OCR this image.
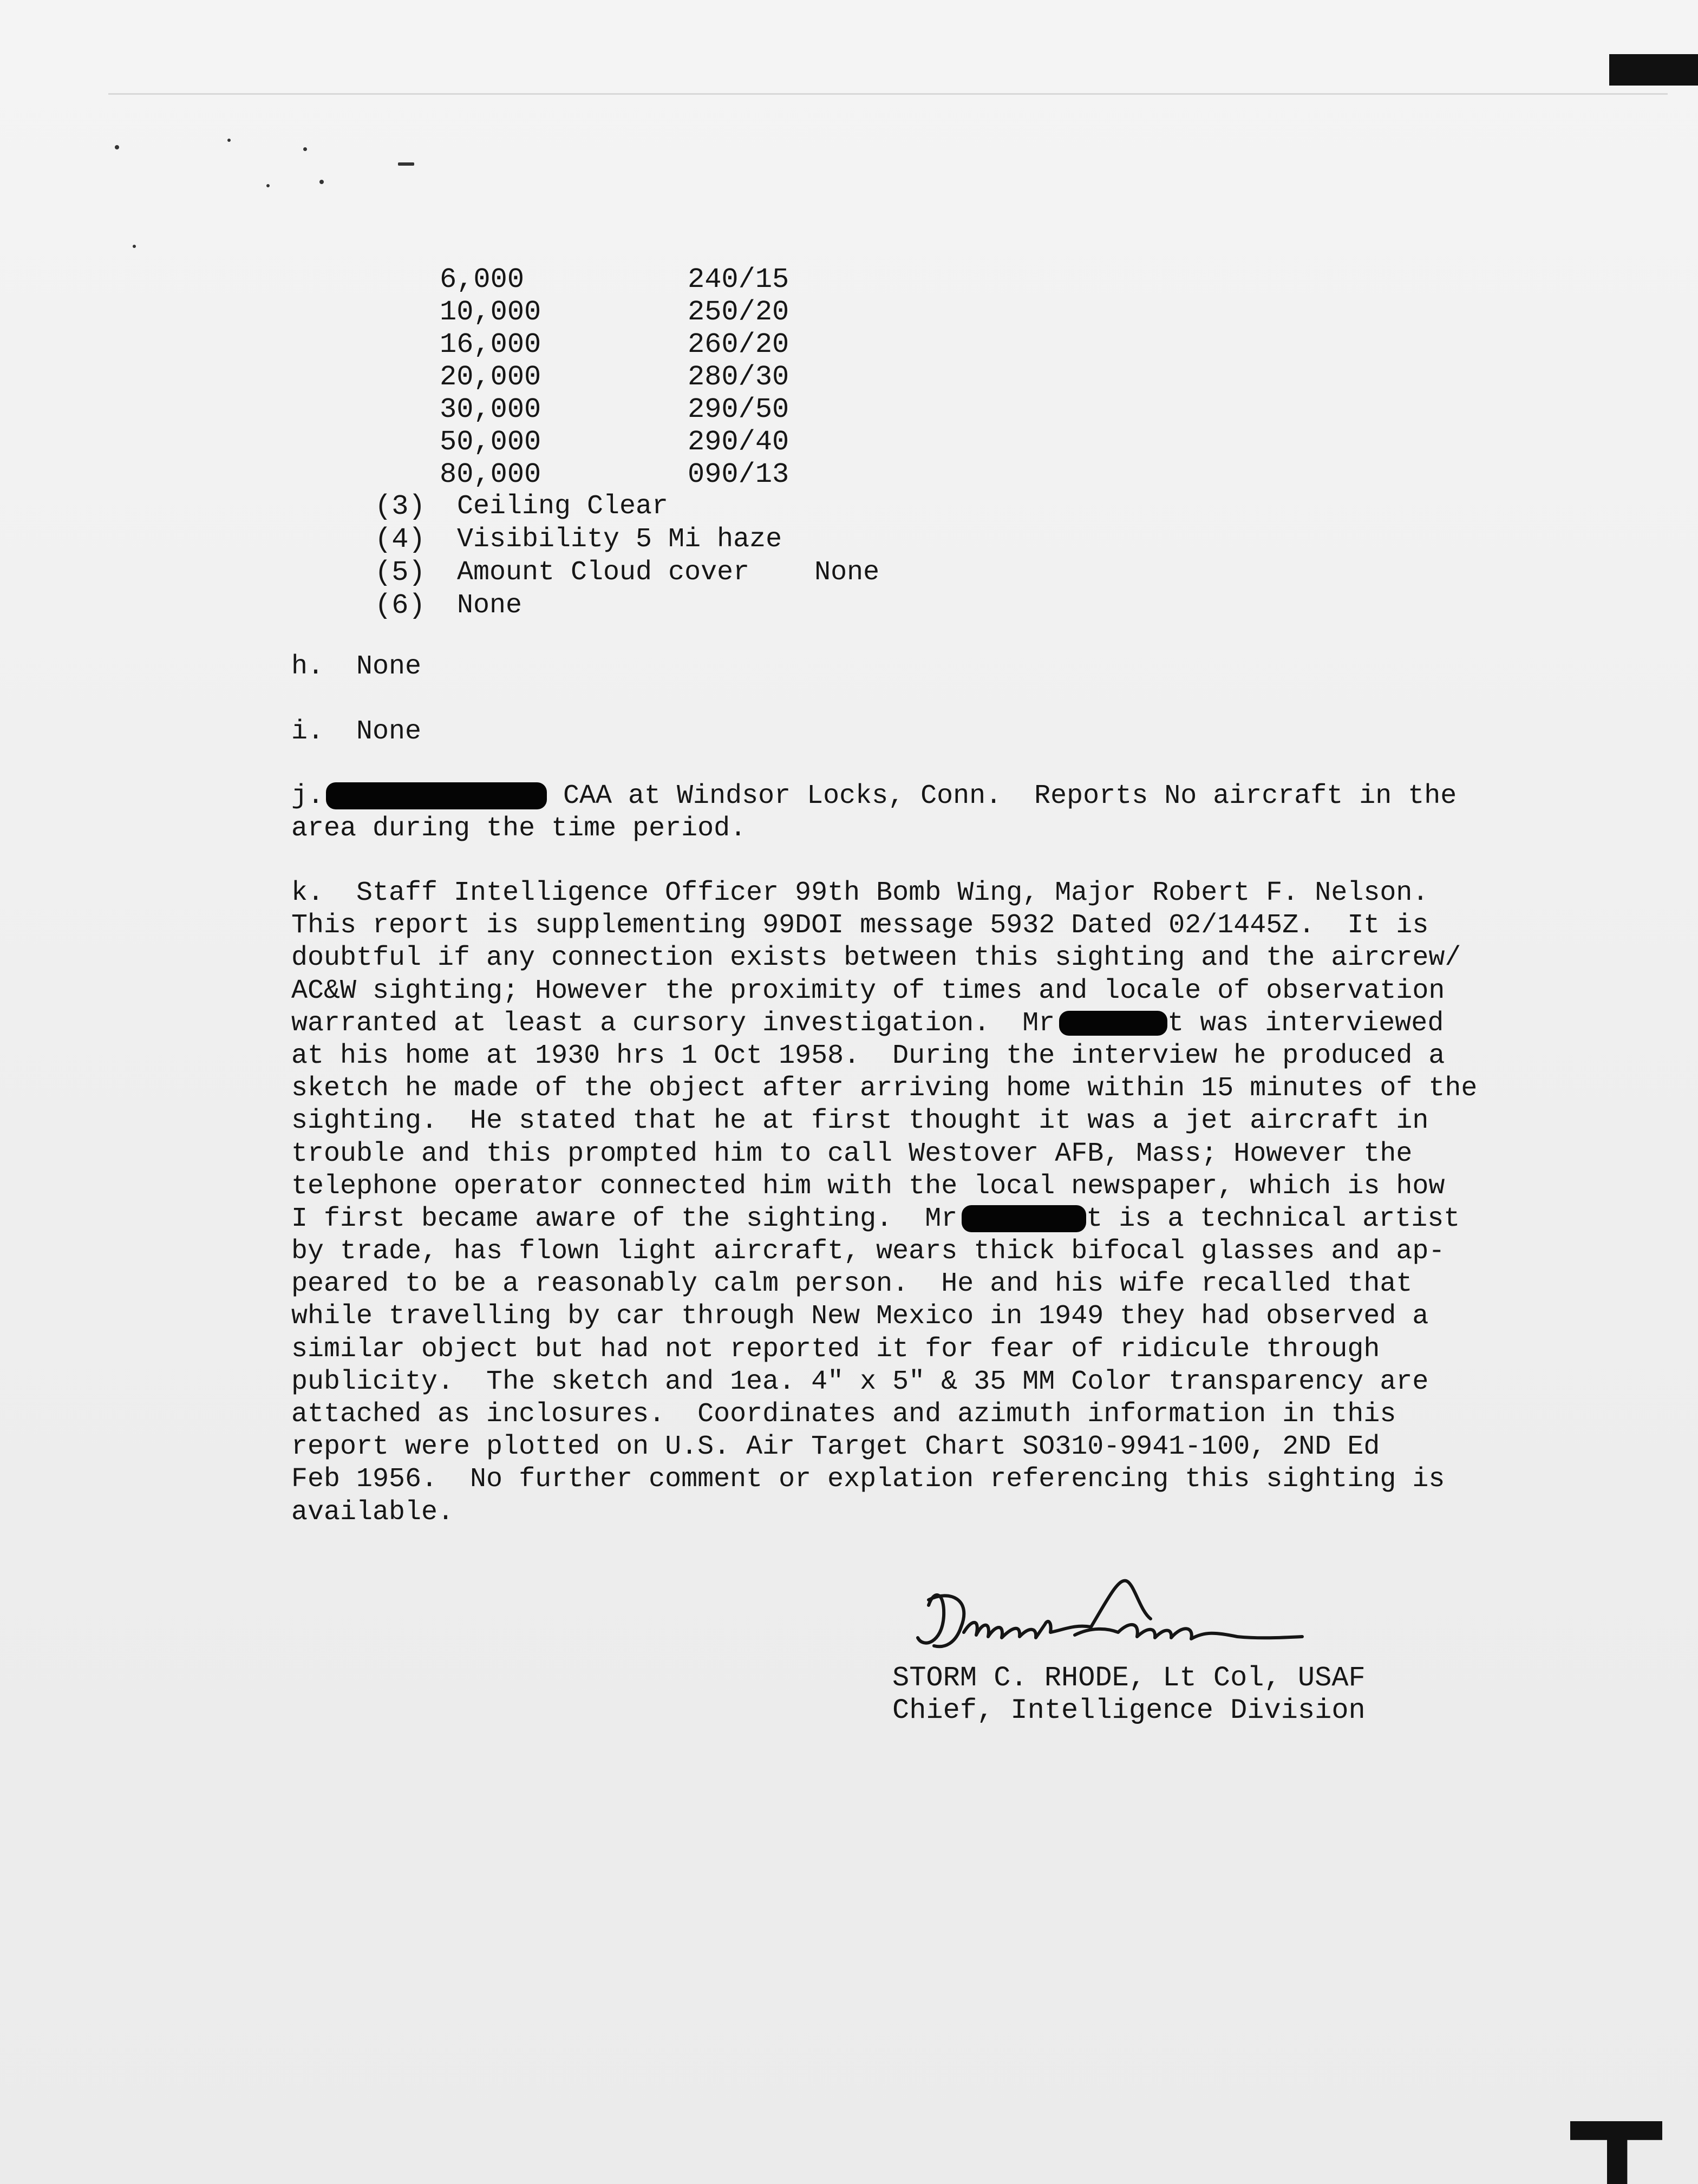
6,000	240/15
10,000	250/20
16,000	260/20
20,000	280/30
30,000	290/50
50,000	290/40
80,000	090/13
(3)	Ceiling Clear
(4)	Visibility 5 Mi haze
(5)	Amount Cloud cover    None
(6)	None
h.  None
i.  None
j.	CAA at Windsor Locks, Conn.  Reports No aircraft in the
area during the time period.
k.  Staff Intelligence Officer 99th Bomb Wing, Major Robert F. Nelson.
This report is supplementing 99DOI message 5932 Dated 02/1445Z.  It is
doubtful if any connection exists between this sighting and the aircrew/
AC&W sighting; However the proximity of times and locale of observation
warranted at least a cursory investigation.  Mr	t was interviewed
at his home at 1930 hrs 1 Oct 1958.  During the interview he produced a
sketch he made of the object after arriving home within 15 minutes of the
sighting.  He stated that he at first thought it was a jet aircraft in
trouble and this prompted him to call Westover AFB, Mass; However the
telephone operator connected him with the local newspaper, which is how
I first became aware of the sighting.  Mr	t is a technical artist
by trade, has flown light aircraft, wears thick bifocal glasses and ap-
peared to be a reasonably calm person.  He and his wife recalled that
while travelling by car through New Mexico in 1949 they had observed a
similar object but had not reported it for fear of ridicule through
publicity.  The sketch and 1ea. 4" x 5" & 35 MM Color transparency are
attached as inclosures.  Coordinates and azimuth information in this
report were plotted on U.S. Air Target Chart SO310-9941-100, 2ND Ed
Feb 1956.  No further comment or explation referencing this sighting is
available.
STORM C. RHODE, Lt Col, USAF
Chief, Intelligence Division
